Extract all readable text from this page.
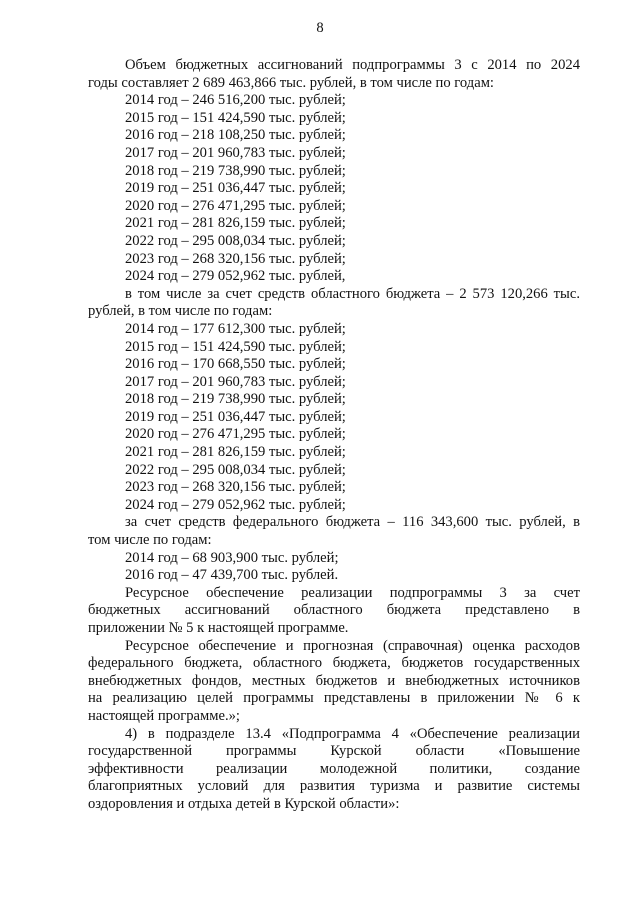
8
Объем бюджетных ассигнований подпрограммы 3 с 2014 по 2024
годы составляет 2 689 463,866 тыс. рублей, в том числе по годам:
2014 год – 246 516,200 тыс. рублей;
2015 год – 151 424,590 тыс. рублей;
2016 год – 218 108,250 тыс. рублей;
2017 год – 201 960,783 тыс. рублей;
2018 год – 219 738,990 тыс. рублей;
2019 год – 251 036,447 тыс. рублей;
2020 год – 276 471,295 тыс. рублей;
2021 год – 281 826,159 тыс. рублей;
2022 год – 295 008,034 тыс. рублей;
2023 год – 268 320,156 тыс. рублей;
2024 год – 279 052,962 тыс. рублей,
в том числе за счет средств областного бюджета – 2 573 120,266 тыс.
рублей, в том числе по годам:
2014 год – 177 612,300 тыс. рублей;
2015 год – 151 424,590 тыс. рублей;
2016 год – 170 668,550 тыс. рублей;
2017 год – 201 960,783 тыс. рублей;
2018 год – 219 738,990 тыс. рублей;
2019 год – 251 036,447 тыс. рублей;
2020 год – 276 471,295 тыс. рублей;
2021 год – 281 826,159 тыс. рублей;
2022 год – 295 008,034 тыс. рублей;
2023 год – 268 320,156 тыс. рублей;
2024 год – 279 052,962 тыс. рублей;
за счет средств федерального бюджета – 116 343,600 тыс. рублей, в
том числе по годам:
2014 год – 68 903,900 тыс. рублей;
2016 год – 47 439,700 тыс. рублей.
Ресурсное обеспечение реализации подпрограммы 3 за счет
бюджетных ассигнований областного бюджета представлено в
приложении № 5 к настоящей программе.
Ресурсное обеспечение и прогнозная (справочная) оценка расходов
федерального бюджета, областного бюджета, бюджетов государственных
внебюджетных фондов, местных бюджетов и внебюджетных источников
на реализацию целей программы представлены в приложении № 6 к
настоящей программе.»;
4) в подразделе 13.4 «Подпрограмма 4 «Обеспечение реализации
государственной программы Курской области «Повышение
эффективности реализации молодежной политики, создание
благоприятных условий для развития туризма и развитие системы
оздоровления и отдыха детей в Курской области»:
